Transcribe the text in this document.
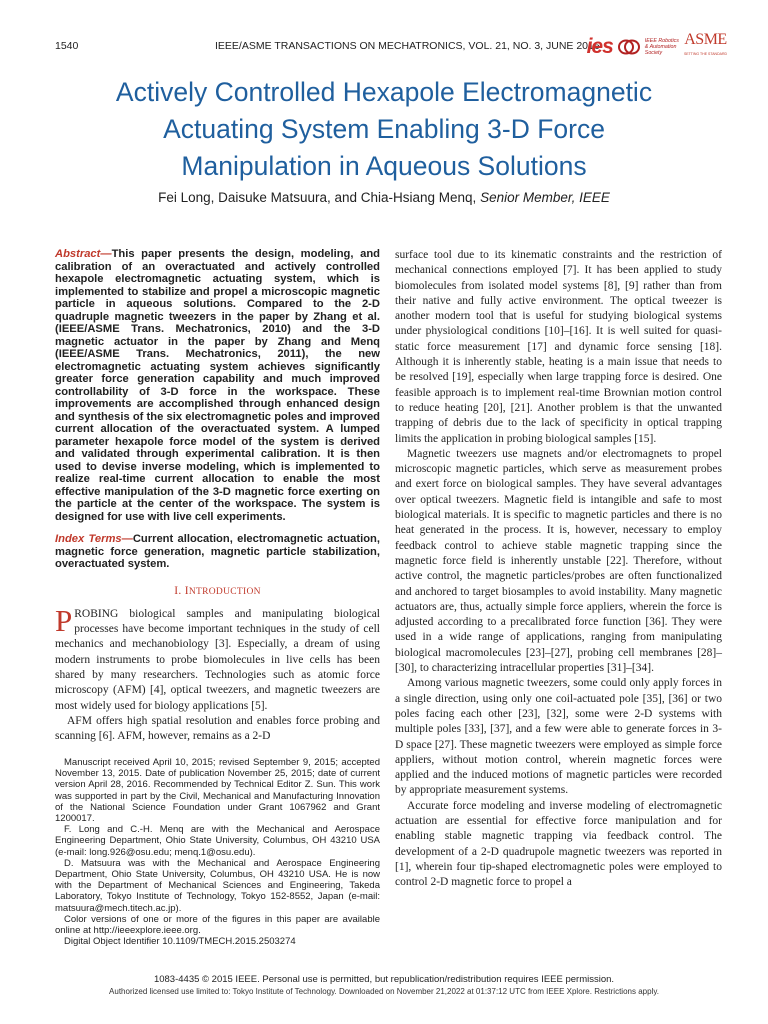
1540	IEEE/ASME TRANSACTIONS ON MECHATRONICS, VOL. 21, NO. 3, JUNE 2016
ies	IEEE Robotics
& Automation
Society
ASME
SETTING THE STANDARD
Actively Controlled Hexapole Electromagnetic
Actuating System Enabling 3-D Force
Manipulation in Aqueous Solutions
Fei Long, Daisuke Matsuura, and Chia-Hsiang Menq, Senior Member, IEEE

Abstract—This paper presents the design, modeling, and calibration of an overactuated and actively controlled hexapole electromagnetic actuating system, which is implemented to stabilize and propel a microscopic magnetic particle in aqueous solutions. Compared to the 2-D quadruple magnetic tweezers in the paper by Zhang et al. (IEEE/ASME Trans. Mechatronics, 2010) and the 3-D magnetic actuator in the paper by Zhang and Menq (IEEE/ASME Trans. Mechatronics, 2011), the new electromagnetic actuating system achieves significantly greater force generation capability and much improved controllability of 3-D force in the workspace. These improvements are accomplished through enhanced design and synthesis of the six electromagnetic poles and improved current allocation of the overactuated system. A lumped parameter hexapole force model of the system is derived and validated through experimental calibration. It is then used to devise inverse modeling, which is implemented to realize real-time current allocation to enable the most effective manipulation of the 3-D magnetic force exerting on the particle at the center of the workspace. The system is designed for use with live cell experiments.

Index Terms—Current allocation, electromagnetic actuation, magnetic force generation, magnetic particle stabilization, overactuated system.

I. INTRODUCTION

PROBING biological samples and manipulating biological processes have become important techniques in the study of cell mechanics and mechanobiology [3]. Especially, a dream of using modern instruments to probe biomolecules in live cells has been shared by many researchers. Technologies such as atomic force microscopy (AFM) [4], optical tweezers, and magnetic tweezers are most widely used for biology applications [5].

AFM offers high spatial resolution and enables force probing and scanning [6]. AFM, however, remains as a 2-D

Manuscript received April 10, 2015; revised September 9, 2015; accepted November 13, 2015. Date of publication November 25, 2015; date of current version April 28, 2016. Recommended by Technical Editor Z. Sun. This work was supported in part by the Civil, Mechanical and Manufacturing Innovation of the National Science Foundation under Grant 1067962 and Grant 1200017.

F. Long and C.-H. Menq are with the Mechanical and Aerospace Engineering Department, Ohio State University, Columbus, OH 43210 USA (e-mail: long.926@osu.edu; menq.1@osu.edu).

D. Matsuura was with the Mechanical and Aerospace Engineering Department, Ohio State University, Columbus, OH 43210 USA. He is now with the Department of Mechanical Sciences and Engineering, Takeda Laboratory, Tokyo Institute of Technology, Tokyo 152-8552, Japan (e-mail: matsuura@mech.titech.ac.jp).

Color versions of one or more of the figures in this paper are available online at http://ieeexplore.ieee.org.

Digital Object Identifier 10.1109/TMECH.2015.2503274

surface tool due to its kinematic constraints and the restriction of mechanical connections employed [7]. It has been applied to study biomolecules from isolated model systems [8], [9] rather than from their native and fully active environment. The optical tweezer is another modern tool that is useful for studying biological systems under physiological conditions [10]–[16]. It is well suited for quasi-static force measurement [17] and dynamic force sensing [18]. Although it is inherently stable, heating is a main issue that needs to be resolved [19], especially when large trapping force is desired. One feasible approach is to implement real-time Brownian motion control to reduce heating [20], [21]. Another problem is that the unwanted trapping of debris due to the lack of specificity in optical trapping limits the application in probing biological samples [15].

Magnetic tweezers use magnets and/or electromagnets to propel microscopic magnetic particles, which serve as measurement probes and exert force on biological samples. They have several advantages over optical tweezers. Magnetic field is intangible and safe to most biological materials. It is specific to magnetic particles and there is no heat generated in the process. It is, however, necessary to employ feedback control to achieve stable magnetic trapping since the magnetic force field is inherently unstable [22]. Therefore, without active control, the magnetic particles/probes are often functionalized and anchored to target biosamples to avoid instability. Many magnetic actuators are, thus, actually simple force appliers, wherein the force is adjusted according to a precalibrated force function [36]. They were used in a wide range of applications, ranging from manipulating biological macromolecules [23]–[27], probing cell membranes [28]–[30], to characterizing intracellular properties [31]–[34].

Among various magnetic tweezers, some could only apply forces in a single direction, using only one coil-actuated pole [35], [36] or two poles facing each other [23], [32], some were 2-D systems with multiple poles [33], [37], and a few were able to generate forces in 3-D space [27]. These magnetic tweezers were employed as simple force appliers, without motion control, wherein magnetic forces were applied and the induced motions of magnetic particles were recorded by appropriate measurement systems.

Accurate force modeling and inverse modeling of electromagnetic actuation are essential for effective force manipulation and for enabling stable magnetic trapping via feedback control. The development of a 2-D quadrupole magnetic tweezers was reported in [1], wherein four tip-shaped electromagnetic poles were employed to control 2-D magnetic force to propel a

1083-4435 © 2015 IEEE. Personal use is permitted, but republication/redistribution requires IEEE permission.
Authorized licensed use limited to: Tokyo Institute of Technology. Downloaded on November 21,2022 at 01:37:12 UTC from IEEE Xplore. Restrictions apply.
